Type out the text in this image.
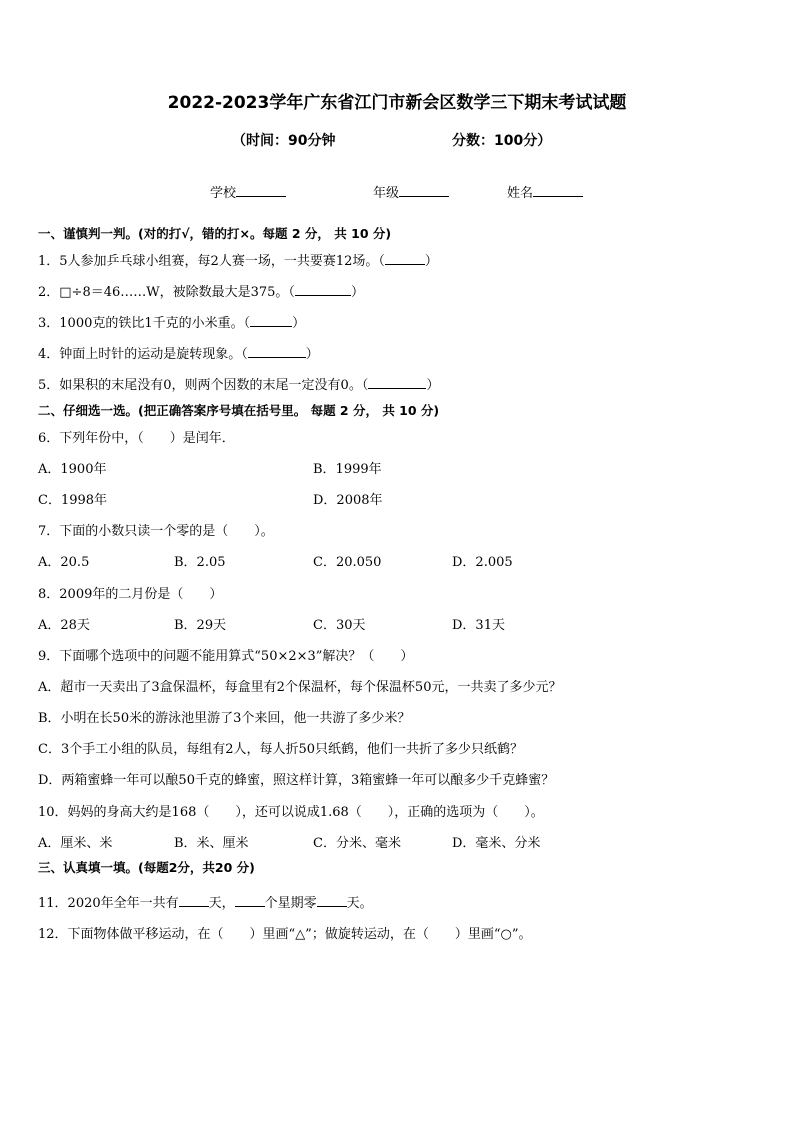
2022-2023学年广东省江门市新会区数学三下期末考试试题
（时间：90分钟	分数：100分）
学校	年级	姓名
一、谨慎判一判。(对的打√，错的打×。每题 2 分， 共 10 分)
1．5人参加乒乓球小组赛，每2人赛一场，一共要赛12场。（	）
2．□÷8＝46……W，被除数最大是375。（	）
3．1000克的铁比1千克的小米重。（	）
4．钟面上时针的运动是旋转现象。（	）
5．如果积的末尾没有0，则两个因数的末尾一定没有0。（	）
二、仔细选一选。(把正确答案序号填在括号里。 每题 2 分， 共 10 分)
6．下列年份中，（　　）是闰年．
A．1900年	B．1999年
C．1998年	D．2008年
7．下面的小数只读一个零的是（　　）。
A．20.5	B．2.05	C．20.050	D．2.005
8．2009年的二月份是（　　）
A．28天	B．29天	C．30天	D．31天
9．下面哪个选项中的问题不能用算式“50×2×3”解决？（　　）
A．超市一天卖出了3盒保温杯，每盒里有2个保温杯，每个保温杯50元，一共卖了多少元？
B．小明在长50米的游泳池里游了3个来回，他一共游了多少米？
C．3个手工小组的队员，每组有2人，每人折50只纸鹤，他们一共折了多少只纸鹤？
D．两箱蜜蜂一年可以酿50千克的蜂蜜，照这样计算，3箱蜜蜂一年可以酿多少千克蜂蜜？
10．妈妈的身高大约是168（　　），还可以说成1.68（　　），正确的选项为（　　）。
A．厘米、米	B．米、厘米	C．分米、毫米	D．毫米、分米
三、认真填一填。(每题2分，共20 分)
11．2020年全年一共有 天， 个星期零 天。
12．下面物体做平移运动，在（　　）里画“△”；做旋转运动，在（　　）里画“○”。
